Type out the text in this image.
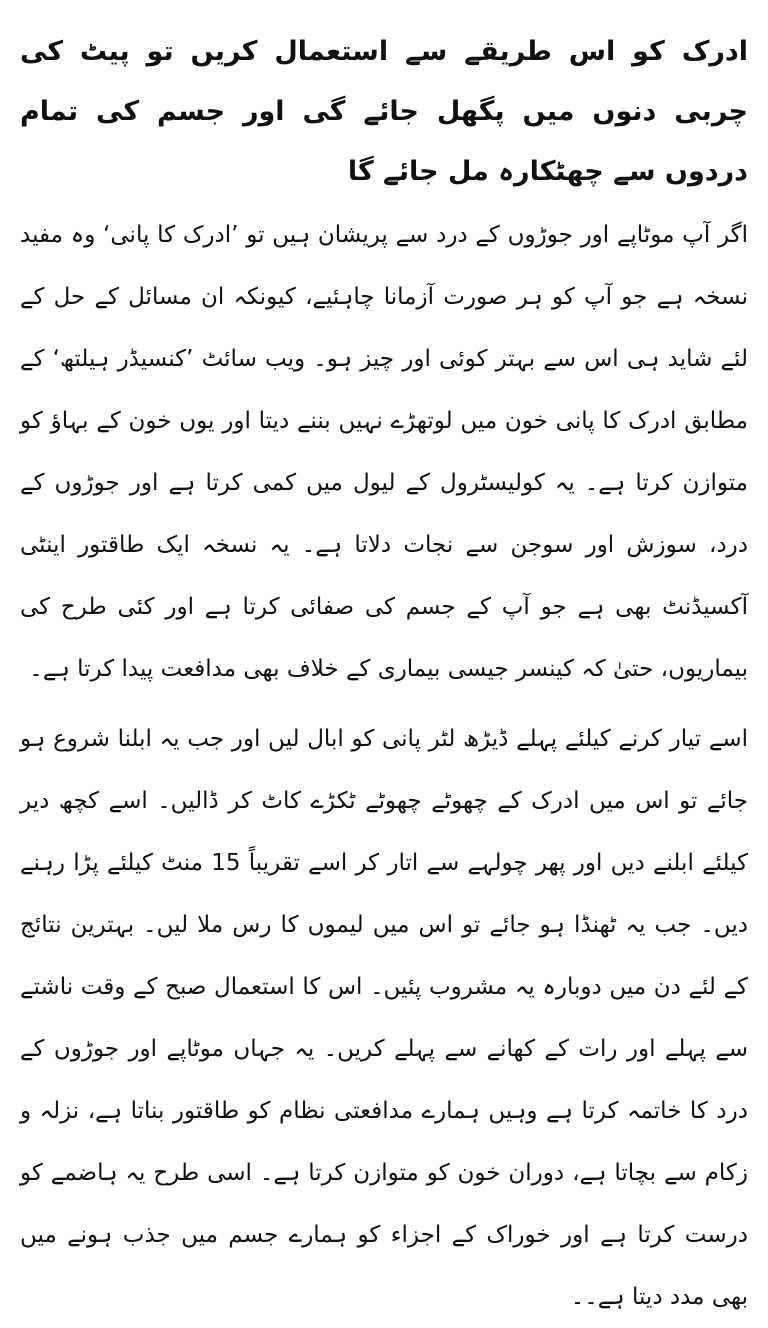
ادرک کو اس طریقے سے استعمال کریں تو پیٹ کی چربی دنوں میں پگھل جائے گی اور جسم کی تمام دردوں سے چھٹکارہ مل جائے گا

اگر آپ موٹاپے اور جوڑوں کے درد سے پریشان ہیں تو ’ادرک کا پانی‘ وہ مفید نسخہ ہے جو آپ کو ہر صورت آزمانا چاہئیے، کیونکہ ان مسائل کے حل کے لئے شاید ہی اس سے بہتر کوئی اور چیز ہو۔ ویب سائٹ ’کنسیڈر ہیلتھ‘ کے مطابق ادرک کا پانی خون میں لوتھڑے نہیں بننے دیتا اور یوں خون کے بہاؤ کو متوازن کرتا ہے۔ یہ کولیسٹرول کے لیول میں کمی کرتا ہے اور جوڑوں کے درد، سوزش اور سوجن سے نجات دلاتا ہے۔ یہ نسخہ ایک طاقتور اینٹی آکسیڈنٹ بھی ہے جو آپ کے جسم کی صفائی کرتا ہے اور کئی طرح کی بیماریوں، حتیٰ کہ کینسر جیسی بیماری کے خلاف بھی مدافعت پیدا کرتا ہے۔

اسے تیار کرنے کیلئے پہلے ڈیڑھ لٹر پانی کو ابال لیں اور جب یہ ابلنا شروع ہو جائے تو اس میں ادرک کے چھوٹے چھوٹے ٹکڑے کاٹ کر ڈالیں۔ اسے کچھ دیر کیلئے ابلنے دیں اور پھر چولہے سے اتار کر اسے تقریباً 15 منٹ کیلئے پڑا رہنے دیں۔ جب یہ ٹھنڈا ہو جائے تو اس میں لیموں کا رس ملا لیں۔ بہترین نتائج کے لئے دن میں دوبارہ یہ مشروب پئیں۔ اس کا استعمال صبح کے وقت ناشتے سے پہلے اور رات کے کھانے سے پہلے کریں۔ یہ جہاں موٹاپے اور جوڑوں کے درد کا خاتمہ کرتا ہے وہیں ہمارے مدافعتی نظام کو طاقتور بناتا ہے، نزلہ و زکام سے بچاتا ہے، دوران خون کو متوازن کرتا ہے۔ اسی طرح یہ ہاضمے کو درست کرتا ہے اور خوراک کے اجزاء کو ہمارے جسم میں جذب ہونے میں بھی مدد دیتا ہے۔۔
